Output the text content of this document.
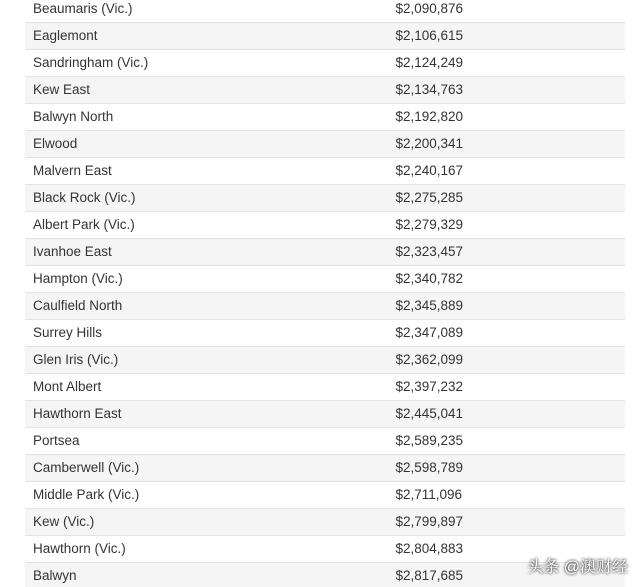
Beaumaris (Vic.)	$2,090,876
Eaglemont	$2,106,615
Sandringham (Vic.)	$2,124,249
Kew East	$2,134,763
Balwyn North	$2,192,820
Elwood	$2,200,341
Malvern East	$2,240,167
Black Rock (Vic.)	$2,275,285
Albert Park (Vic.)	$2,279,329
Ivanhoe East	$2,323,457
Hampton (Vic.)	$2,340,782
Caulfield North	$2,345,889
Surrey Hills	$2,347,089
Glen Iris (Vic.)	$2,362,099
Mont Albert	$2,397,232
Hawthorn East	$2,445,041
Portsea	$2,589,235
Camberwell (Vic.)	$2,598,789
Middle Park (Vic.)	$2,711,096
Kew (Vic.)	$2,799,897
Hawthorn (Vic.)	$2,804,883
Balwyn	$2,817,685	头条 @澳财经
